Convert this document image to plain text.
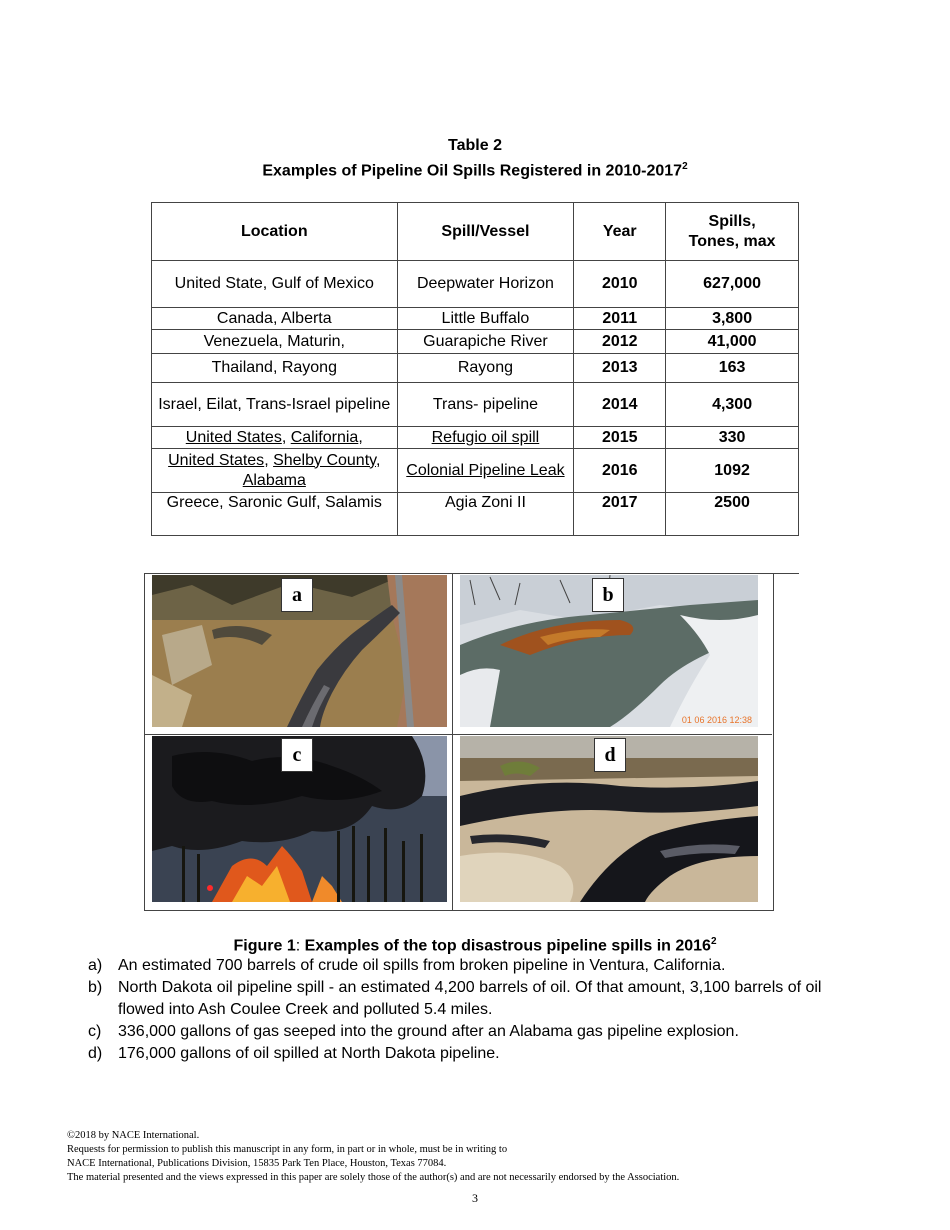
Table 2
Examples of Pipeline Oil Spills Registered in 2010-2017$^2$
Location	Spill/Vessel	Year	Spills,
Tones, max
United State, Gulf of Mexico	Deepwater Horizon	2010	627,000
Canada, Alberta	Little Buffalo	2011	3,800
Venezuela, Maturin,	Guarapiche River	2012	41,000
Thailand, Rayong	Rayong	2013	163
Israel, Eilat, Trans-Israel pipeline	Trans- pipeline	2014	4,300
United States, California,	Refugio oil spill	2015	330
United States, Shelby County, Alabama	Colonial Pipeline Leak	2016	1092
Greece, Saronic Gulf, Salamis	Agia Zoni II	2017	2500
01 06 2016 12:38
a	b
c	d
Figure 1: Examples of the top disastrous pipeline spills in 2016$^2$
a) An estimated 700 barrels of crude oil spills from broken pipeline in Ventura, California.
b) North Dakota oil pipeline spill - an estimated 4,200 barrels of oil. Of that amount, 3,100 barrels of oil flowed into Ash Coulee Creek and polluted 5.4 miles.
c) 336,000 gallons of gas seeped into the ground after an Alabama gas pipeline explosion.
d) 176,000 gallons of oil spilled at North Dakota pipeline.
©2018 by NACE International.
Requests for permission to publish this manuscript in any form, in part or in whole, must be in writing to
NACE International, Publications Division, 15835 Park Ten Place, Houston, Texas 77084.
The material presented and the views expressed in this paper are solely those of the author(s) and are not necessarily endorsed by the Association.
3
